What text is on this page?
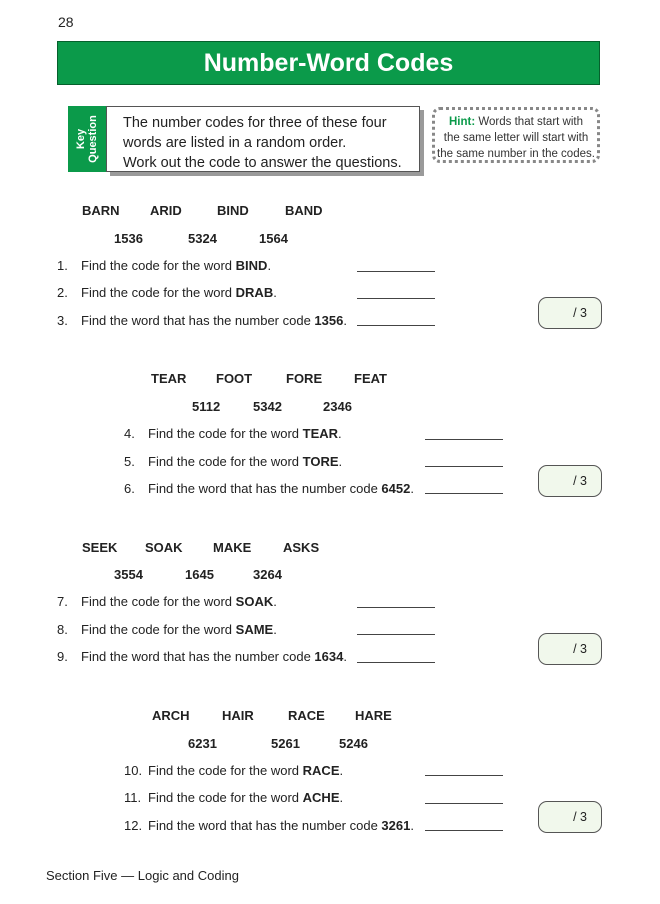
28
Number-Word Codes
Key Question The number codes for three of these four
words are listed in a random order.
Work out the code to answer the questions.
Hint: Words that start with
the same letter will start with
the same number in the codes.
BARN ARID	BIND	BAND
1536	5324	1564
1. Find the code for the word BIND.
2. Find the code for the word DRAB.
3. Find the word that has the number code 1356.	/ 3
TEAR FOOT	FORE FEAT
5112	5342	2346
4. Find the code for the word TEAR.
5. Find the code for the word TORE.
6. Find the word that has the number code 6452.	/ 3
SEEK SOAK MAKE ASKS
3554	1645	3264
7. Find the code for the word SOAK.
8. Find the code for the word SAME.
9. Find the word that has the number code 1634.	/ 3
ARCH HAIR	RACE HARE
6231	5261	5246
10. Find the code for the word RACE.
11. Find the code for the word ACHE.
12. Find the word that has the number code 3261.
/ 3
Section Five — Logic and Coding
